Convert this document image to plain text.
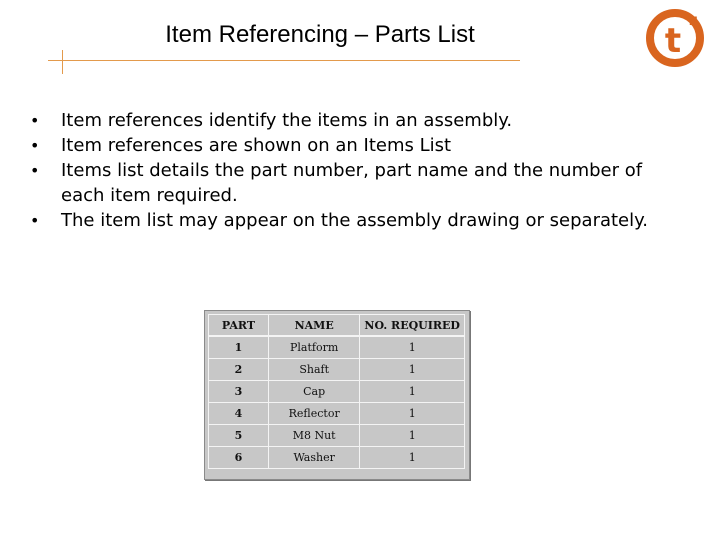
Item Referencing – Parts List	t 4
• Item references identify the items in an assembly.
• Item references are shown on an Items List
• Items list details the part number, part name and the number of each item required.
• The item list may appear on the assembly drawing or separately.
PART	NAME	NO. REQUIRED
1	Platform	1
2	Shaft	1
3	Cap	1
4	Reflector	1
5	M8 Nut	1
6	Washer	1
